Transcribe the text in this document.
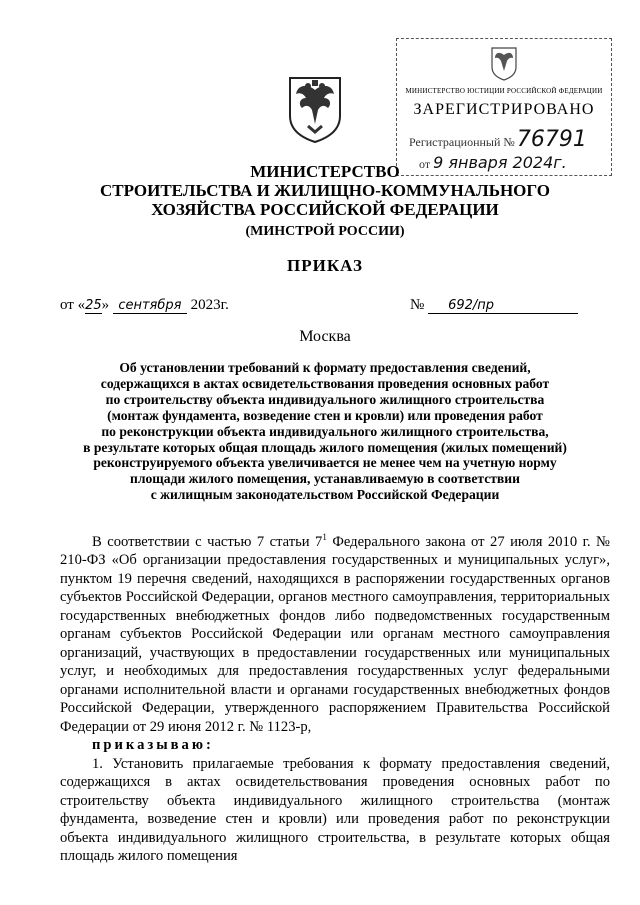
МИНИСТЕРСТВО ЮСТИЦИИ РОССИЙСКОЙ ФЕДЕРАЦИИ
ЗАРЕГИСТРИРОВАНО
Регистрационный №76791
от 9 января 2024г.
МИНИСТЕРСТВО
СТРОИТЕЛЬСТВА И ЖИЛИЩНО-КОММУНАЛЬНОГО
ХОЗЯЙСТВА РОССИЙСКОЙ ФЕДЕРАЦИИ
(МИНСТРОЙ РОССИИ)
ПРИКАЗ
от «25» сентября 2023г.	№ 692/пр
Москва
Об установлении требований к формату предоставления сведений,
содержащихся в актах освидетельствования проведения основных работ
по строительству объекта индивидуального жилищного строительства
(монтаж фундамента, возведение стен и кровли) или проведения работ
по реконструкции объекта индивидуального жилищного строительства,
в результате которых общая площадь жилого помещения (жилых помещений)
реконструируемого объекта увеличивается не менее чем на учетную норму
площади жилого помещения, устанавливаемую в соответствии
с жилищным законодательством Российской Федерации

В соответствии с частью 7 статьи $7^1$ Федерального закона от 27 июля 2010 г. № 210-ФЗ «Об организации предоставления государственных и муниципальных услуг», пунктом 19 перечня сведений, находящихся в распоряжении государственных органов субъектов Российской Федерации, органов местного самоуправления, территориальных государственных внебюджетных фондов либо подведомственных государственным органам субъектов Российской Федерации или органам местного самоуправления организаций, участвующих в предоставлении государственных или муниципальных услуг, и необходимых для предоставления государственных услуг федеральными органами исполнительной власти и органами государственных внебюджетных фондов Российской Федерации, утвержденного распоряжением Правительства Российской Федерации от 29 июня 2012 г. № 1123-р,

приказываю:

1. Установить прилагаемые требования к формату предоставления сведений, содержащихся в актах освидетельствования проведения основных работ по строительству объекта индивидуального жилищного строительства (монтаж фундамента, возведение стен и кровли) или проведения работ по реконструкции объекта индивидуального жилищного строительства, в результате которых общая площадь жилого помещения
